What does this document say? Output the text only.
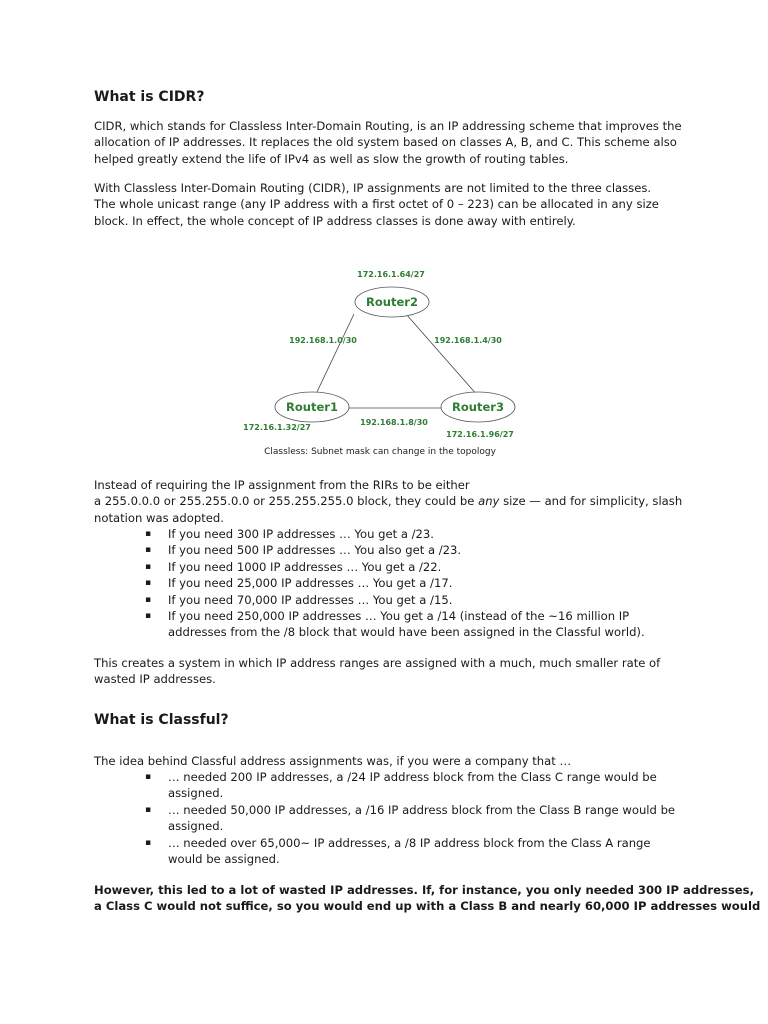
What is CIDR?

CIDR, which stands for Classless Inter-Domain Routing, is an IP addressing scheme that improves the
allocation of IP addresses. It replaces the old system based on classes A, B, and C. This scheme also
helped greatly extend the life of IPv4 as well as slow the growth of routing tables.

With Classless Inter-Domain Routing (CIDR), IP assignments are not limited to the three classes.
The whole unicast range (any IP address with a first octet of 0 – 223) can be allocated in any size
block. In effect, the whole concept of IP address classes is done away with entirely.

Router2
Router1	Router3
172.16.1.64/27
172.16.1.32/27
172.16.1.96/27
192.168.1.0/30	192.168.1.4/30
192.168.1.8/30
Classless: Subnet mask can change in the topology

Instead of requiring the IP assignment from the RIRs to be either
a 255.0.0.0 or 255.255.0.0 or 255.255.255.0 block, they could be any size — and for simplicity, slash
notation was adopted.

▪ If you need 300 IP addresses … You get a /23.
▪ If you need 500 IP addresses … You also get a /23.
▪ If you need 1000 IP addresses … You get a /22.
▪ If you need 25,000 IP addresses … You get a /17.
▪ If you need 70,000 IP addresses … You get a /15.
▪ If you need 250,000 IP addresses … You get a /14 (instead of the ~16 million IP
addresses from the /8 block that would have been assigned in the Classful world).

This creates a system in which IP address ranges are assigned with a much, much smaller rate of
wasted IP addresses.

What is Classful?

The idea behind Classful address assignments was, if you were a company that …

▪ … needed 200 IP addresses, a /24 IP address block from the Class C range would be
assigned.
▪ … needed 50,000 IP addresses, a /16 IP address block from the Class B range would be
assigned.
▪ … needed over 65,000~ IP addresses, a /8 IP address block from the Class A range
would be assigned.

However, this led to a lot of wasted IP addresses. If, for instance, you only needed 300 IP addresses,
a Class C would not suffice, so you would end up with a Class B and nearly 60,000 IP addresses would
